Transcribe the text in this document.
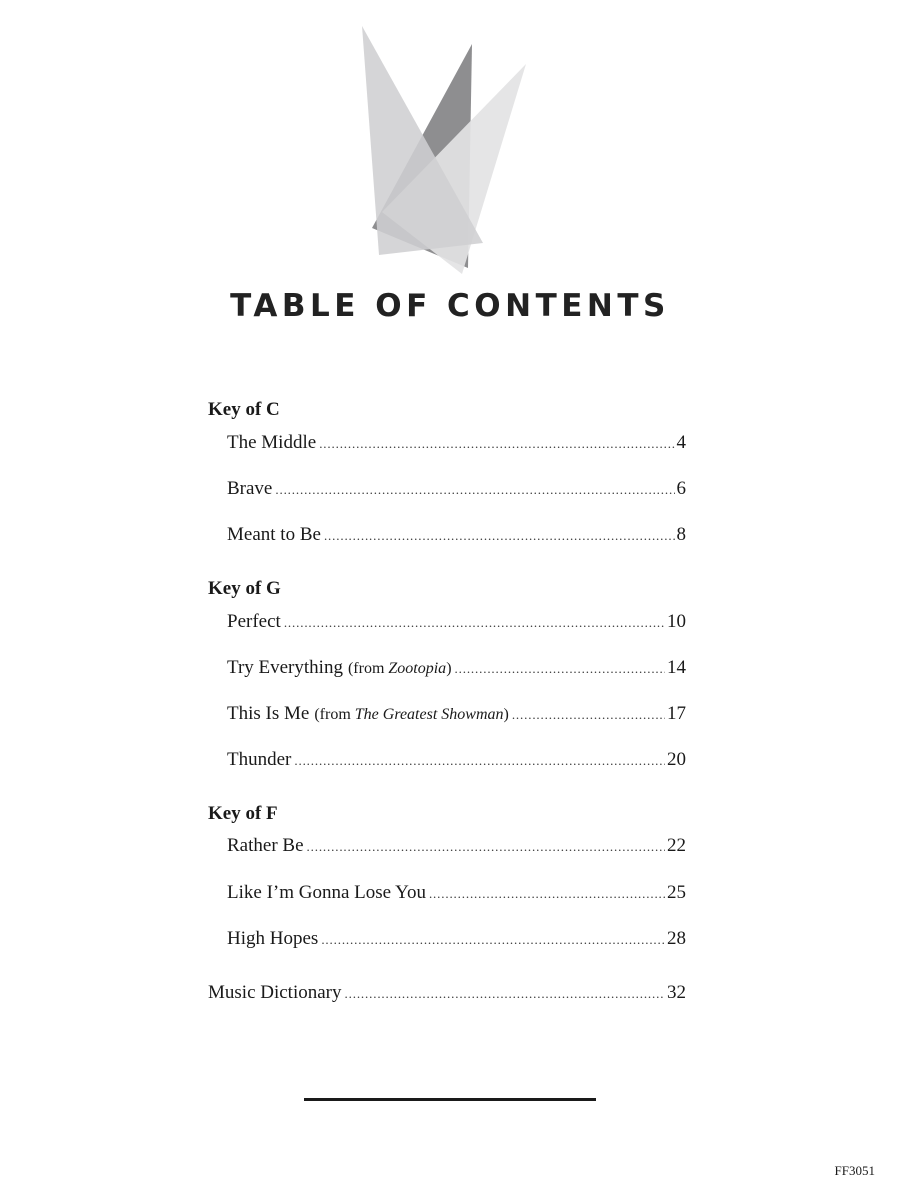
TABLE OF CONTENTS
Key of C
The Middle . . .	4
Brave . . .	6
Meant to Be . . .	8
Key of G
Perfect . . .	10
Try Everything (from Zootopia) . . .	14
This Is Me (from The Greatest Showman) . . .	17
Thunder . . .	20
Key of F
Rather Be . . .	22
Like I’m Gonna Lose You . . .	25
High Hopes . . .	28
Music Dictionary . . .	32
FF3051
